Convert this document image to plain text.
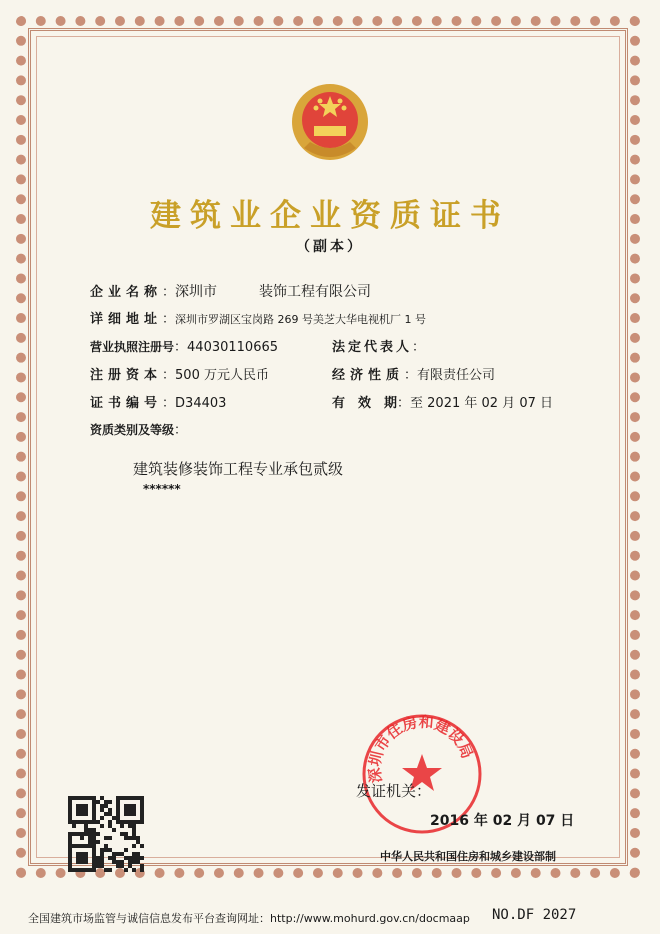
建筑业企业资质证书
（副本）
企业名称：深圳市　　　装饰工程有限公司
详细地址：深圳市罗湖区宝岗路 269 号美芝大华电视机厂 1 号
营业执照注册号：44030110665	法定代表人：
注册资本：500 万元人民币	经济性质：有限责任公司
证书编号：D34403	有　效　期：至 2021 年 02 月 07 日
资质类别及等级：
建筑装修装饰工程专业承包贰级
******
深圳市住房和建设局
发证机关：
2016 年 02 月 07 日
中华人民共和国住房和城乡建设部制
全国建筑市场监管与诚信信息发布平台查询网址：http://www.mohurd.gov.cn/docmaap NO.DF 2027
